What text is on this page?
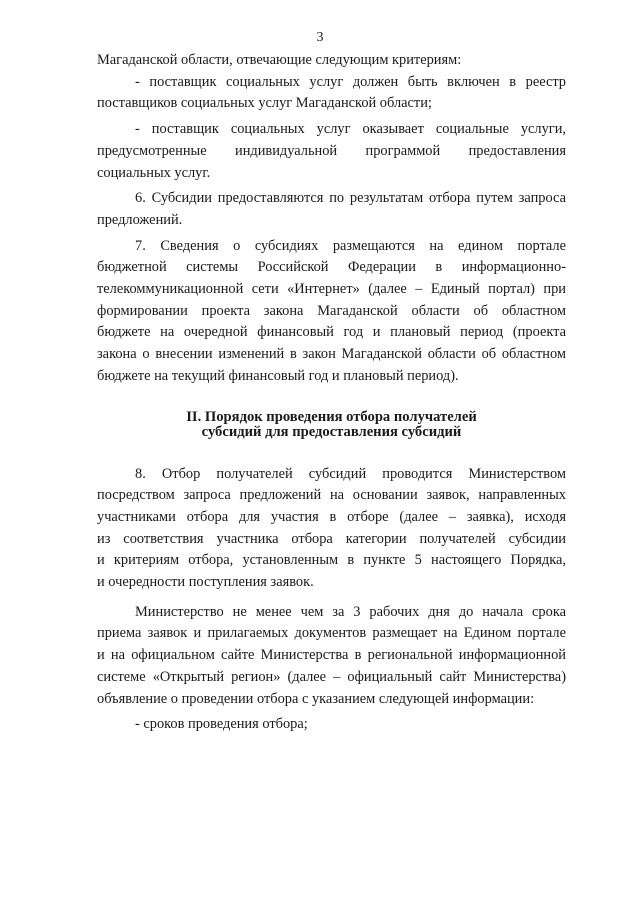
3

Магаданской области, отвечающие следующим критериям:

- поставщик социальных услуг должен быть включен в реестр
поставщиков социальных услуг Магаданской области;

- поставщик социальных услуг оказывает социальные услуги,
предусмотренные индивидуальной программой предоставления
социальных услуг.

6. Субсидии предоставляются по результатам отбора путем запроса
предложений.

7. Сведения о субсидиях размещаются на едином портале
бюджетной системы Российской Федерации в информационно-
телекоммуникационной сети «Интернет» (далее – Единый портал) при
формировании проекта закона Магаданской области об областном
бюджете на очередной финансовый год и плановый период (проекта
закона о внесении изменений в закон Магаданской области об областном
бюджете на текущий финансовый год и плановый период).

II. Порядок проведения отбора получателей
субсидий для предоставления субсидий

8. Отбор получателей субсидий проводится Министерством
посредством запроса предложений на основании заявок, направленных
участниками отбора для участия в отборе (далее – заявка), исходя
из соответствия участника отбора категории получателей субсидии
и критериям отбора, установленным в пункте 5 настоящего Порядка,
и очередности поступления заявок.

Министерство не менее чем за 3 рабочих дня до начала срока
приема заявок и прилагаемых документов размещает на Едином портале
и на официальном сайте Министерства в региональной информационной
системе «Открытый регион» (далее – официальный сайт Министерства)
объявление о проведении отбора с указанием следующей информации:

- сроков проведения отбора;
